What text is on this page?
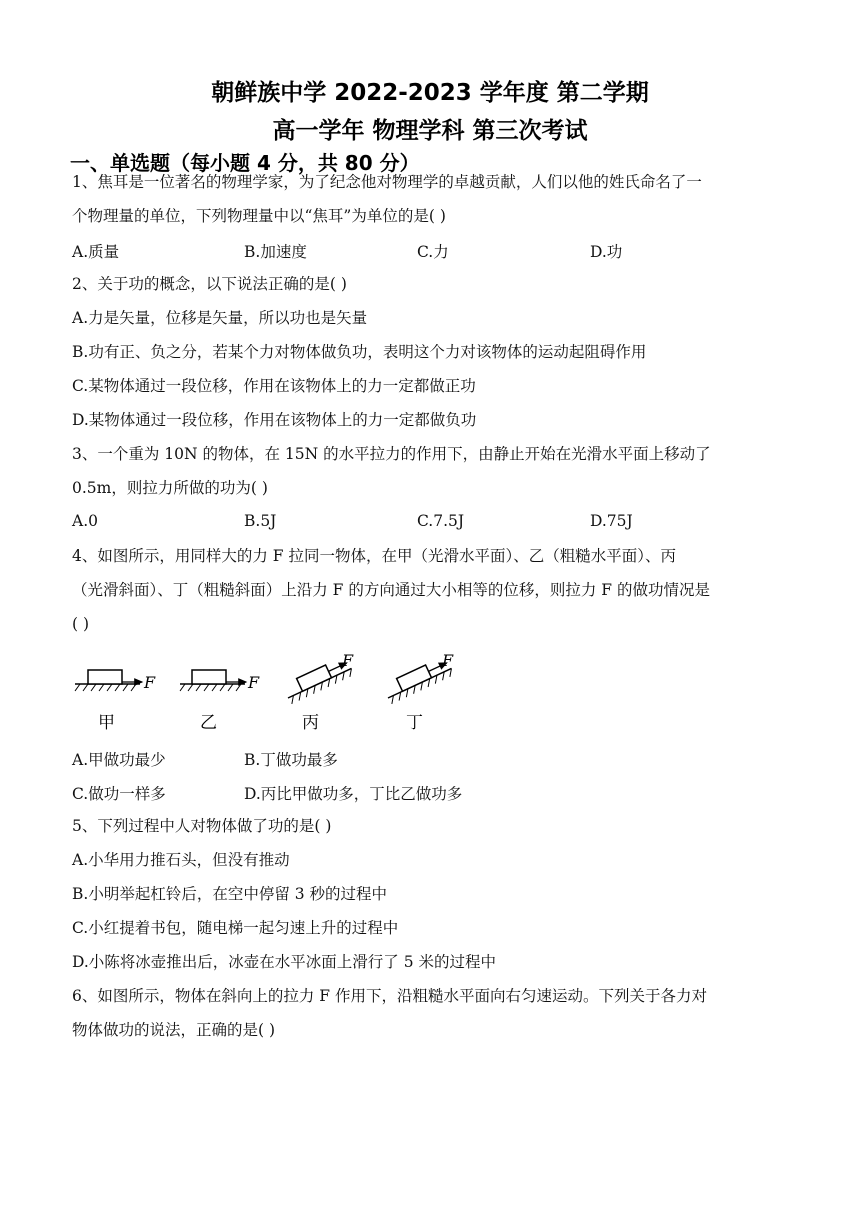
朝鲜族中学 2022-2023 学年度 第二学期
高一学年 物理学科 第三次考试
一、单选题（每小题 4 分，共 80 分）
1、焦耳是一位著名的物理学家，为了纪念他对物理学的卓越贡献，人们以他的姓氏命名了一
个物理量的单位，下列物理量中以“焦耳”为单位的是( )
A.质量	B.加速度	C.力	D.功
2、关于功的概念，以下说法正确的是( )
A.力是矢量，位移是矢量，所以功也是矢量
B.功有正、负之分，若某个力对物体做负功，表明这个力对该物体的运动起阻碍作用
C.某物体通过一段位移，作用在该物体上的力一定都做正功
D.某物体通过一段位移，作用在该物体上的力一定都做负功
3、一个重为 10N 的物体，在 15N 的水平拉力的作用下，由静止开始在光滑水平面上移动了
0.5m，则拉力所做的功为( )
A.0	B.5J	C.7.5J	D.75J
4、如图所示，用同样大的力 F 拉同一物体，在甲（光滑水平面）、乙（粗糙水平面）、丙
（光滑斜面）、丁（粗糙斜面）上沿力 F 的方向通过大小相等的位移，则拉力 F 的做功情况是
( )
F
甲
F
乙
F
丙
F
丁
A.甲做功最少	B.丁做功最多
C.做功一样多	D.丙比甲做功多，丁比乙做功多
5、下列过程中人对物体做了功的是( )
A.小华用力推石头，但没有推动
B.小明举起杠铃后，在空中停留 3 秒的过程中
C.小红提着书包，随电梯一起匀速上升的过程中
D.小陈将冰壶推出后，冰壶在水平冰面上滑行了 5 米的过程中
6、如图所示，物体在斜向上的拉力 F 作用下，沿粗糙水平面向右匀速运动。下列关于各力对
物体做功的说法，正确的是( )
